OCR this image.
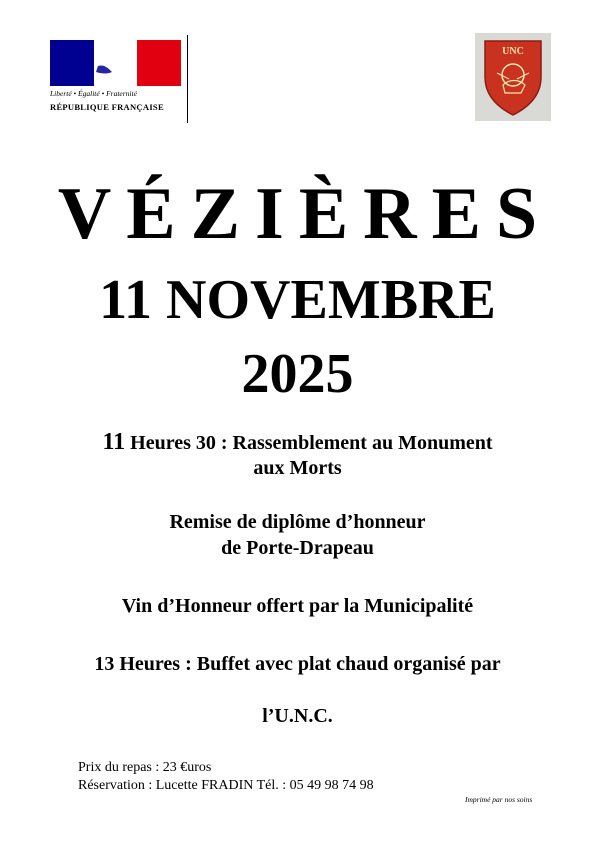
Liberté • Égalité • Fraternité
RÉPUBLIQUE FRANÇAISE
UNC
VÉZIÈRES
11 NOVEMBRE
2025
11 Heures 30 : Rassemblement au Monument
aux Morts
Remise de diplôme d’honneur
de Porte-Drapeau
Vin d’Honneur offert par la Municipalité
13 Heures : Buffet avec plat chaud organisé par
l’U.N.C.
Prix du repas : 23 €uros
Réservation : Lucette FRADIN Tél. : 05 49 98 74 98
Imprimé par nos soins
